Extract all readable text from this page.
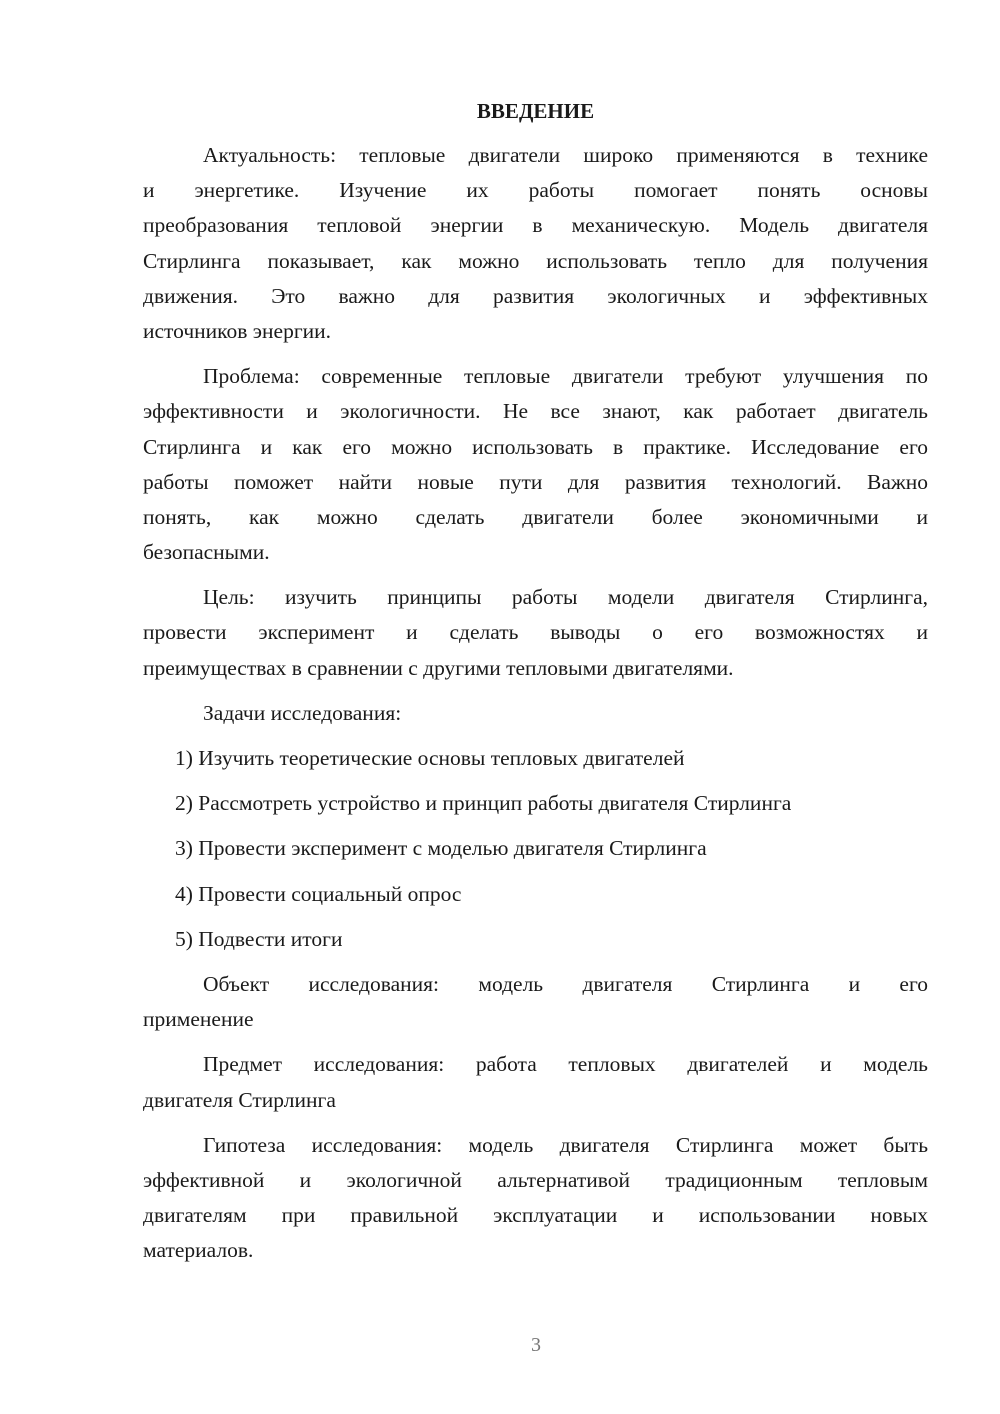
ВВЕДЕНИЕ
Актуальность: тепловые двигатели широко применяются в технике
и энергетике. Изучение их работы помогает понять основы
преобразования тепловой энергии в механическую. Модель двигателя
Стирлинга показывает, как можно использовать тепло для получения
движения. Это важно для развития экологичных и эффективных
источников энергии.
Проблема: современные тепловые двигатели требуют улучшения по
эффективности и экологичности. Не все знают, как работает двигатель
Стирлинга и как его можно использовать в практике. Исследование его
работы поможет найти новые пути для развития технологий. Важно
понять, как можно сделать двигатели более экономичными и
безопасными.
Цель: изучить принципы работы модели двигателя Стирлинга,
провести эксперимент и сделать выводы о его возможностях и
преимуществах в сравнении с другими тепловыми двигателями.
Задачи исследования:
1) Изучить теоретические основы тепловых двигателей
2) Рассмотреть устройство и принцип работы двигателя Стирлинга
3) Провести эксперимент с моделью двигателя Стирлинга
4) Провести социальный опрос
5) Подвести итоги
Объект исследования: модель двигателя Стирлинга и его
применение
Предмет исследования: работа тепловых двигателей и модель
двигателя Стирлинга
Гипотеза исследования: модель двигателя Стирлинга может быть
эффективной и экологичной альтернативой традиционным тепловым
двигателям при правильной эксплуатации и использовании новых
материалов.
3
